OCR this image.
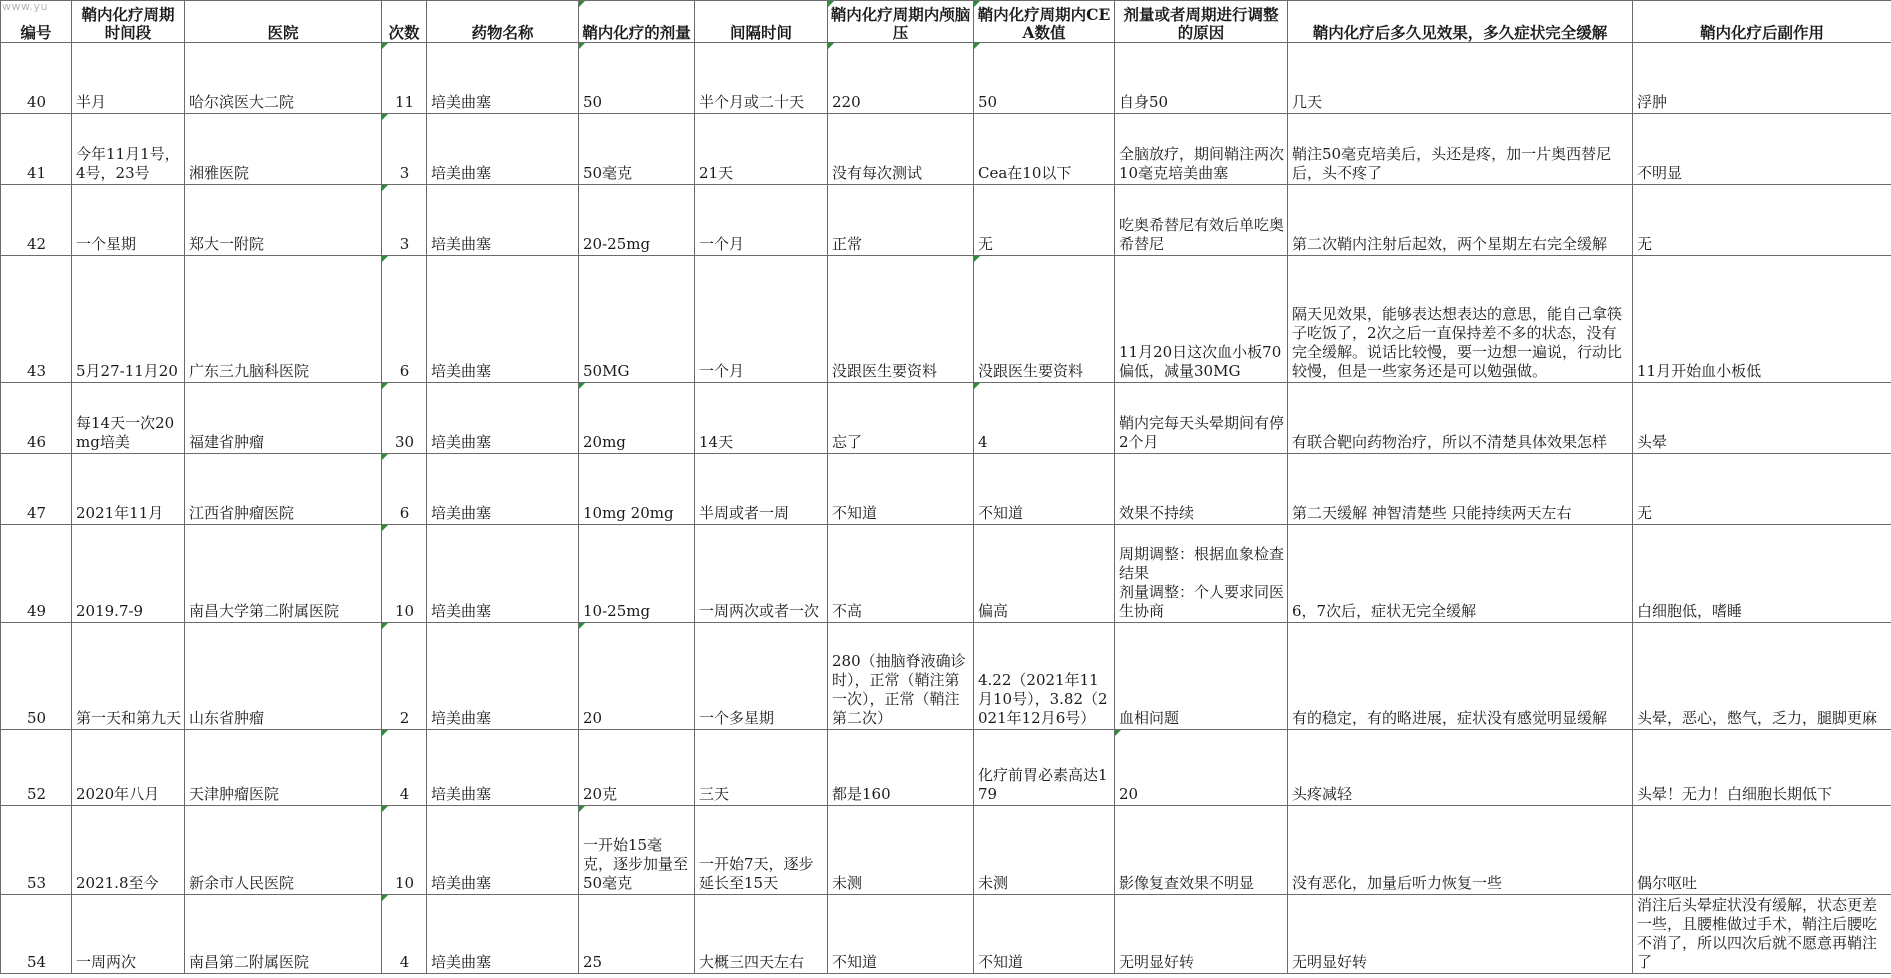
www.yu
编号	鞘内化疗周期时间段	医院	次数	药物名称	鞘内化疗的剂量	间隔时间	鞘内化疗周期内颅脑压	鞘内化疗周期内CEA数值	剂量或者周期进行调整的原因	鞘内化疗后多久见效果，多久症状完全缓解	鞘内化疗后副作用
40	半月	哈尔滨医大二院	11	培美曲塞	50	半个月或二十天	220	50	自身50	几天	浮肿
41	今年11月1号，4号，23号	湘雅医院	3	培美曲塞	50毫克	21天	没有每次测试	Cea在10以下	全脑放疗，期间鞘注两次10毫克培美曲塞	鞘注50毫克培美后，头还是疼，加一片奥西替尼后，头不疼了	不明显
42	一个星期	郑大一附院	3	培美曲塞	20-25mg	一个月	正常	无	吃奥希替尼有效后单吃奥希替尼	第二次鞘内注射后起效，两个星期左右完全缓解	无
43	5月27-11月20	广东三九脑科医院	6	培美曲塞	50MG	一个月	没跟医生要资料	没跟医生要资料	11月20日这次血小板70偏低，减量30MG	隔天见效果，能够表达想表达的意思，能自己拿筷子吃饭了，2次之后一直保持差不多的状态，没有完全缓解。说话比较慢，要一边想一遍说，行动比较慢，但是一些家务还是可以勉强做。	11月开始血小板低
46	每14天一次20mg培美	福建省肿瘤	30	培美曲塞	20mg	14天	忘了	4	鞘内完每天头晕期间有停2个月	有联合靶向药物治疗，所以不清楚具体效果怎样	头晕
47	2021年11月	江西省肿瘤医院	6	培美曲塞	10mg 20mg	半周或者一周	不知道	不知道	效果不持续	第二天缓解 神智清楚些 只能持续两天左右	无
49	2019.7-9	南昌大学第二附属医院	10	培美曲塞	10-25mg	一周两次或者一次	不高	偏高	周期调整：根据血象检查结果
剂量调整：个人要求同医生协商	6，7次后，症状无完全缓解	白细胞低，嗜睡
50	第一天和第九天	山东省肿瘤	2	培美曲塞	20	一个多星期	280（抽脑脊液确诊时），正常（鞘注第一次），正常（鞘注第二次）	4.22（2021年11月10号），3.82（2021年12月6号）	血相问题	有的稳定，有的略进展，症状没有感觉明显缓解	头晕，恶心，憋气，乏力，腿脚更麻
52	2020年八月	天津肿瘤医院	4	培美曲塞	20克	三天	都是160	化疗前胃必素高达179	20	头疼减轻	头晕！无力！白细胞长期低下
53	2021.8至今	新余市人民医院	10	培美曲塞	一开始15毫克，逐步加量至50毫克	一开始7天，逐步延长至15天	未测	未测	影像复查效果不明显	没有恶化，加量后听力恢复一些	偶尔呕吐
54	一周两次	南昌第二附属医院	4	培美曲塞	25	大概三四天左右	不知道	不知道	无明显好转	无明显好转	消注后头晕症状没有缓解，状态更差一些，且腰椎做过手术，鞘注后腰吃不消了，所以四次后就不愿意再鞘注了
